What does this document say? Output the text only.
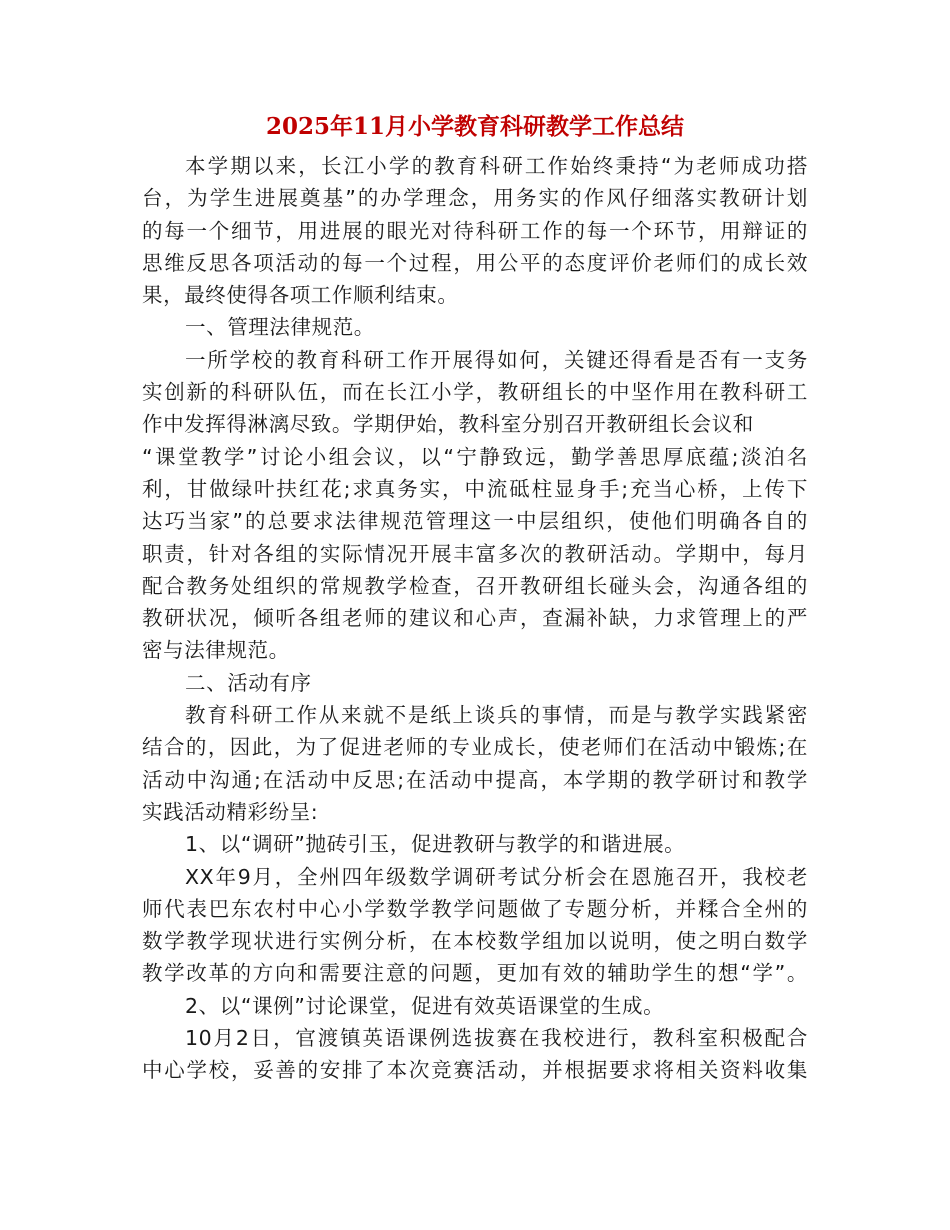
2025年11月小学教育科研教学工作总结
本学期以来，长江小学的教育科研工作始终秉持“为老师成功搭
台，为学生进展奠基”的办学理念，用务实的作风仔细落实教研计划
的每一个细节，用进展的眼光对待科研工作的每一个环节，用辩证的
思维反思各项活动的每一个过程，用公平的态度评价老师们的成长效
果，最终使得各项工作顺利结束。
一、管理法律规范。
一所学校的教育科研工作开展得如何，关键还得看是否有一支务
实创新的科研队伍，而在长江小学，教研组长的中坚作用在教科研工
作中发挥得淋漓尽致。学期伊始，教科室分别召开教研组长会议和
“课堂教学”讨论小组会议，以“宁静致远，勤学善思厚底蕴;淡泊名
利，甘做绿叶扶红花;求真务实，中流砥柱显身手;充当心桥，上传下
达巧当家”的总要求法律规范管理这一中层组织，使他们明确各自的
职责，针对各组的实际情况开展丰富多次的教研活动。学期中，每月
配合教务处组织的常规教学检查，召开教研组长碰头会，沟通各组的
教研状况，倾听各组老师的建议和心声，查漏补缺，力求管理上的严
密与法律规范。
二、活动有序
教育科研工作从来就不是纸上谈兵的事情，而是与教学实践紧密
结合的，因此，为了促进老师的专业成长，使老师们在活动中锻炼;在
活动中沟通;在活动中反思;在活动中提高，本学期的教学研讨和教学
实践活动精彩纷呈:
1、以“调研”抛砖引玉，促进教研与教学的和谐进展。
XX年9月，全州四年级数学调研考试分析会在恩施召开，我校老
师代表巴东农村中心小学数学教学问题做了专题分析，并糅合全州的
数学教学现状进行实例分析，在本校数学组加以说明，使之明白数学
教学改革的方向和需要注意的问题，更加有效的辅助学生的想“学”。
2、以“课例”讨论课堂，促进有效英语课堂的生成。
10月2日，官渡镇英语课例选拔赛在我校进行，教科室积极配合
中心学校，妥善的安排了本次竞赛活动，并根据要求将相关资料收集
